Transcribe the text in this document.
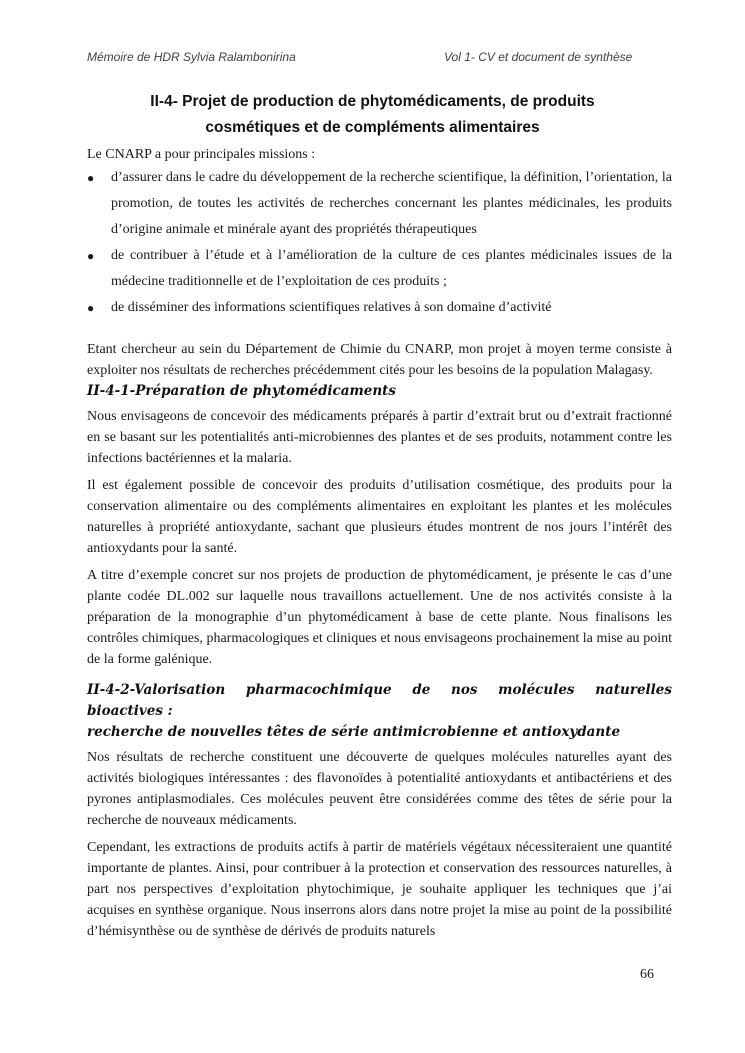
Mémoire de HDR Sylvia Ralambonirina	Vol 1- CV et document de synthèse
II-4- Projet de production de phytomédicaments, de produits
cosmétiques et de compléments alimentaires

Le CNARP a pour principales missions :

● d’assurer dans le cadre du développement de la recherche scientifique, la définition, l’orientation, la promotion, de toutes les activités de recherches concernant les plantes médicinales, les produits d’origine animale et minérale ayant des propriétés thérapeutiques
● de contribuer à l’étude et à l’amélioration de la culture de ces plantes médicinales issues de la médecine traditionnelle et de l’exploitation de ces produits ;
● de disséminer des informations scientifiques relatives à son domaine d’activité

Etant chercheur au sein du Département de Chimie du CNARP, mon projet à moyen terme consiste à exploiter nos résultats de recherches précédemment cités pour les besoins de la population Malagasy.

II-4-1-Préparation de phytomédicaments

Nous envisageons de concevoir des médicaments préparés à partir d’extrait brut ou d’extrait fractionné en se basant sur les potentialités anti-microbiennes des plantes et de ses produits, notamment contre les infections bactériennes et la malaria.

Il est également possible de concevoir des produits d’utilisation cosmétique, des produits pour la conservation alimentaire ou des compléments alimentaires en exploitant les plantes et les molécules naturelles à propriété antioxydante, sachant que plusieurs études montrent de nos jours l’intérêt des antioxydants pour la santé.

A titre d’exemple concret sur nos projets de production de phytomédicament, je présente le cas d’une plante codée DL.002 sur laquelle nous travaillons actuellement. Une de nos activités consiste à la préparation de la monographie d’un phytomédicament à base de cette plante. Nous finalisons les contrôles chimiques, pharmacologiques et cliniques et nous envisageons prochainement la mise au point de la forme galénique.

II-4-2-Valorisation pharmacochimique de nos molécules naturelles bioactives :

recherche de nouvelles têtes de série antimicrobienne et antioxydante

Nos résultats de recherche constituent une découverte de quelques molécules naturelles ayant des activités biologiques intéressantes : des flavonoïdes à potentialité antioxydants et antibactériens et des pyrones antiplasmodiales. Ces molécules peuvent être considérées comme des têtes de série pour la recherche de nouveaux médicaments.

Cependant, les extractions de produits actifs à partir de matériels végétaux nécessiteraient une quantité importante de plantes. Ainsi, pour contribuer à la protection et conservation des ressources naturelles, à part nos perspectives d’exploitation phytochimique, je souhaite appliquer les techniques que j’ai acquises en synthèse organique. Nous inserrons alors dans notre projet la mise au point de la possibilité d’hémisynthèse ou de synthèse de dérivés de produits naturels

66
